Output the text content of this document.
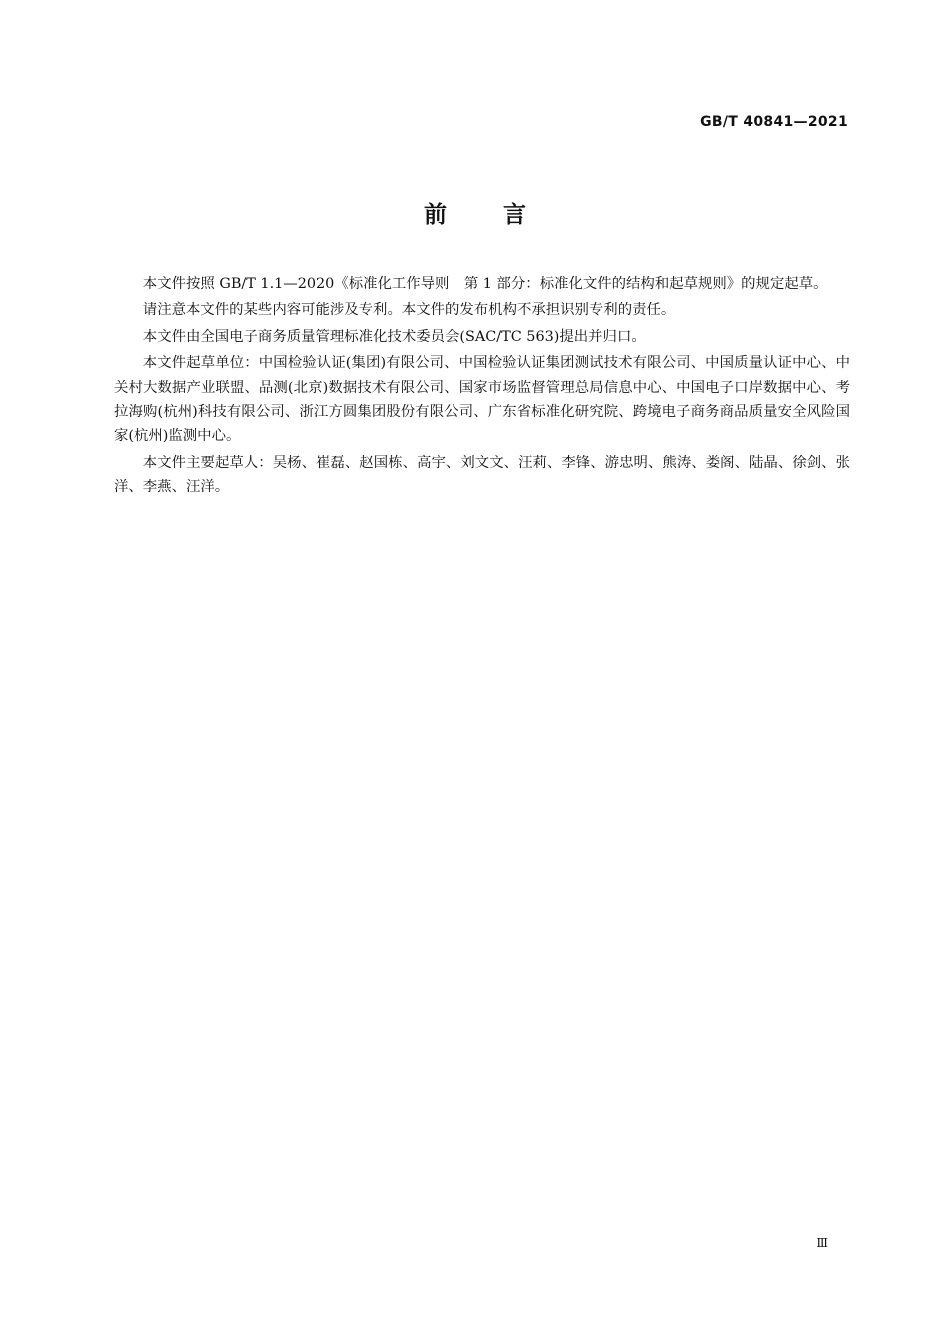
GB/T 40841—2021
前言

本文件按照 GB/T 1.1—2020《标准化工作导则　第 1 部分：标准化文件的结构和起草规则》的规定起草。

请注意本文件的某些内容可能涉及专利。本文件的发布机构不承担识别专利的责任。

本文件由全国电子商务质量管理标准化技术委员会(SAC/TC 563)提出并归口。

本文件起草单位：中国检验认证(集团)有限公司、中国检验认证集团测试技术有限公司、中国质量认证中心、中关村大数据产业联盟、品测(北京)数据技术有限公司、国家市场监督管理总局信息中心、中国电子口岸数据中心、考拉海购(杭州)科技有限公司、浙江方圆集团股份有限公司、广东省标准化研究院、跨境电子商务商品质量安全风险国家(杭州)监测中心。

本文件主要起草人：吴杨、崔磊、赵国栋、高宇、刘文文、汪莉、李锋、游忠明、熊涛、娄阁、陆晶、徐剑、张洋、李燕、汪洋。

Ⅲ
